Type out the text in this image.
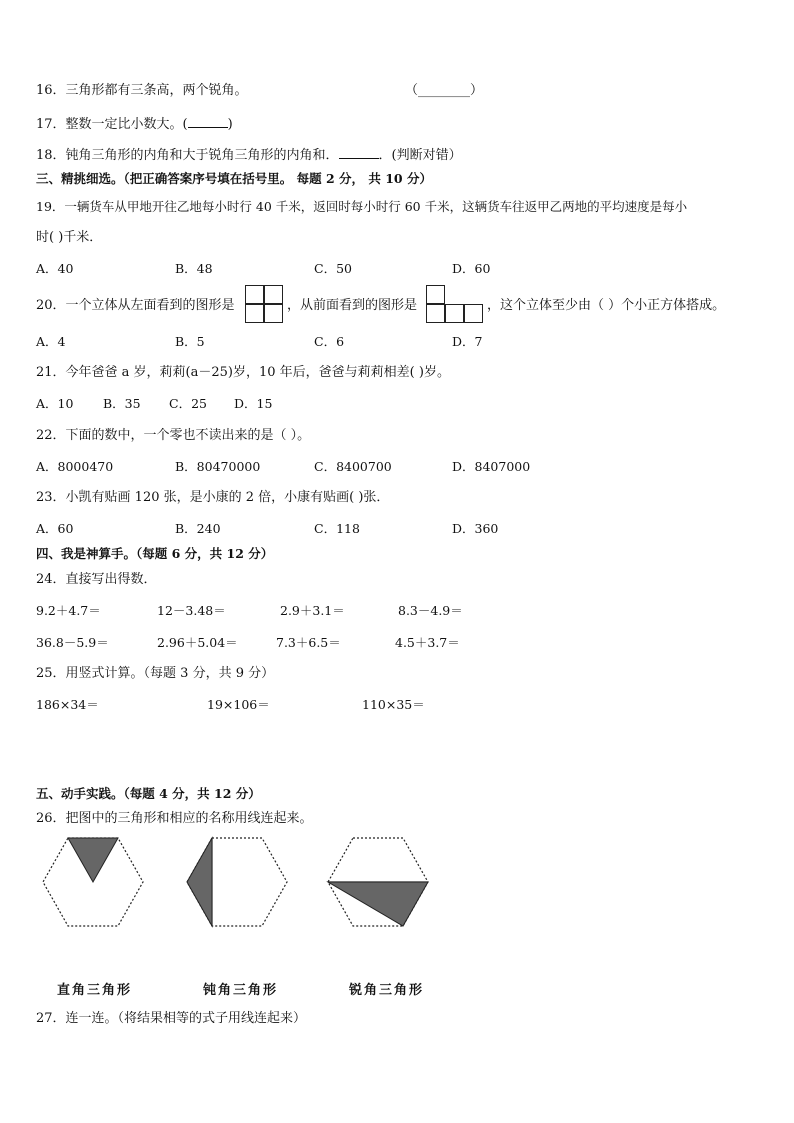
16．三角形都有三条高，两个锐角。	（________）
17．整数一定比小数大。(	)
18．钝角三角形的内角和大于锐角三角形的内角和．	．(判断对错）
三、精挑细选。（把正确答案序号填在括号里。 每题 2 分， 共 10 分）
19．一辆货车从甲地开往乙地每小时行 40 千米，返回时每小时行 60 千米，这辆货车往返甲乙两地的平均速度是每小
时( )千米．
A．40	B．48	C．50	D．60
20．一个立体从左面看到的图形是	，从前面看到的图形是	，这个立体至少由（ ）个小正方体搭成。
A．4	B．5	C．6	D．7
21．今年爸爸 a 岁，莉莉(a－25)岁，10 年后，爸爸与莉莉相差( )岁。
A．10 B．35 C．25 D．15
22．下面的数中，一个零也不读出来的是（ ）。
A．8000470	B．80470000	C．8400700	D．8407000
23．小凯有贴画 120 张，是小康的 2 倍，小康有贴画( )张．
A．60	B．240	C．118	D．360
四、我是神算手。（每题 6 分，共 12 分）
24．直接写出得数．
9.2＋4.7＝	12－3.48＝	2.9＋3.1＝	8.3－4.9＝
36.8－5.9＝	2.96＋5.04＝	7.3＋6.5＝	4.5＋3.7＝
25．用竖式计算。（每题 3 分，共 9 分）
186×34＝	19×106＝	110×35＝
五、动手实践。（每题 4 分，共 12 分）
26．把图中的三角形和相应的名称用线连起来。
直角三角形	钝角三角形	锐角三角形
27．连一连。（将结果相等的式子用线连起来）
